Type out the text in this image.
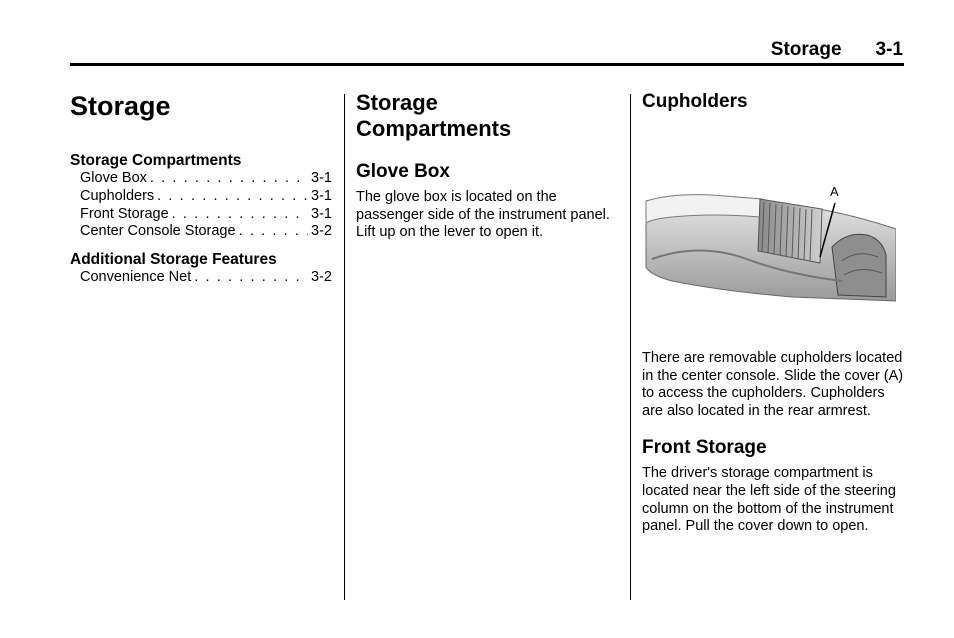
Storage 3-1
Storage
Storage Compartments
Glove Box . . .	3-1
Cupholders . . .	3-1
Front Storage . . .	3-1
Center Console Storage . . .	3-2
Additional Storage Features
Convenience Net . . .	3-2
Storage Compartments
Glove Box

The glove box is located on the passenger side of the instrument panel. Lift up on the lever to open it.

Cupholders
A

There are removable cupholders located in the center console. Slide the cover (A) to access the cupholders. Cupholders are also located in the rear armrest.

Front Storage

The driver's storage compartment is located near the left side of the steering column on the bottom of the instrument panel. Pull the cover down to open.
